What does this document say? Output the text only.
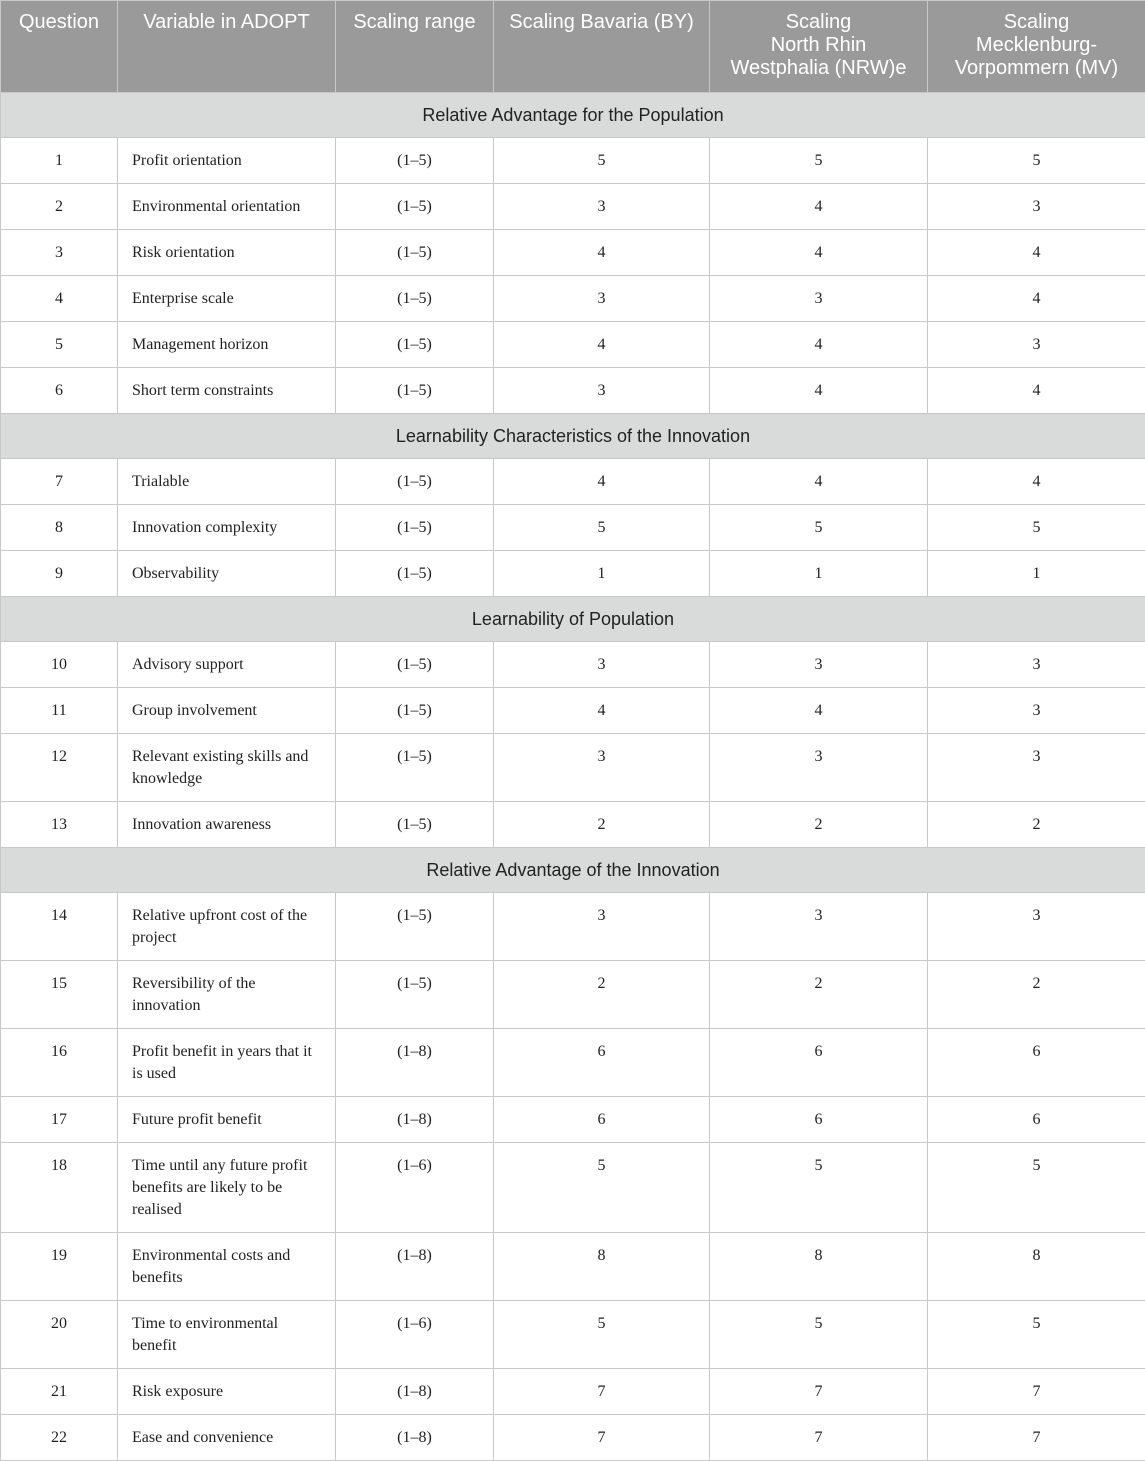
Question	Variable in ADOPT	Scaling range	Scaling Bavaria (BY)	Scaling
North Rhin
Westphalia (NRW)e	Scaling
Mecklenburg-
Vorpommern (MV)
Relative Advantage for the Population					
1	Profit orientation	(1–5)	5	5	5
2	Environmental orientation	(1–5)	3	4	3
3	Risk orientation	(1–5)	4	4	4
4	Enterprise scale	(1–5)	3	3	4
5	Management horizon	(1–5)	4	4	3
6	Short term constraints	(1–5)	3	4	4
Learnability Characteristics of the Innovation					
7	Trialable	(1–5)	4	4	4
8	Innovation complexity	(1–5)	5	5	5
9	Observability	(1–5)	1	1	1
Learnability of Population					
10	Advisory support	(1–5)	3	3	3
11	Group involvement	(1–5)	4	4	3
12	Relevant existing skills and knowledge	(1–5)	3	3	3
13	Innovation awareness	(1–5)	2	2	2
Relative Advantage of the Innovation					
14	Relative upfront cost of the project	(1–5)	3	3	3
15	Reversibility of the innovation	(1–5)	2	2	2
16	Profit benefit in years that it is used	(1–8)	6	6	6
17	Future profit benefit	(1–8)	6	6	6
18	Time until any future profit benefits are likely to be realised	(1–6)	5	5	5
19	Environmental costs and benefits	(1–8)	8	8	8
20	Time to environmental benefit	(1–6)	5	5	5
21	Risk exposure	(1–8)	7	7	7
22	Ease and convenience	(1–8)	7	7	7
